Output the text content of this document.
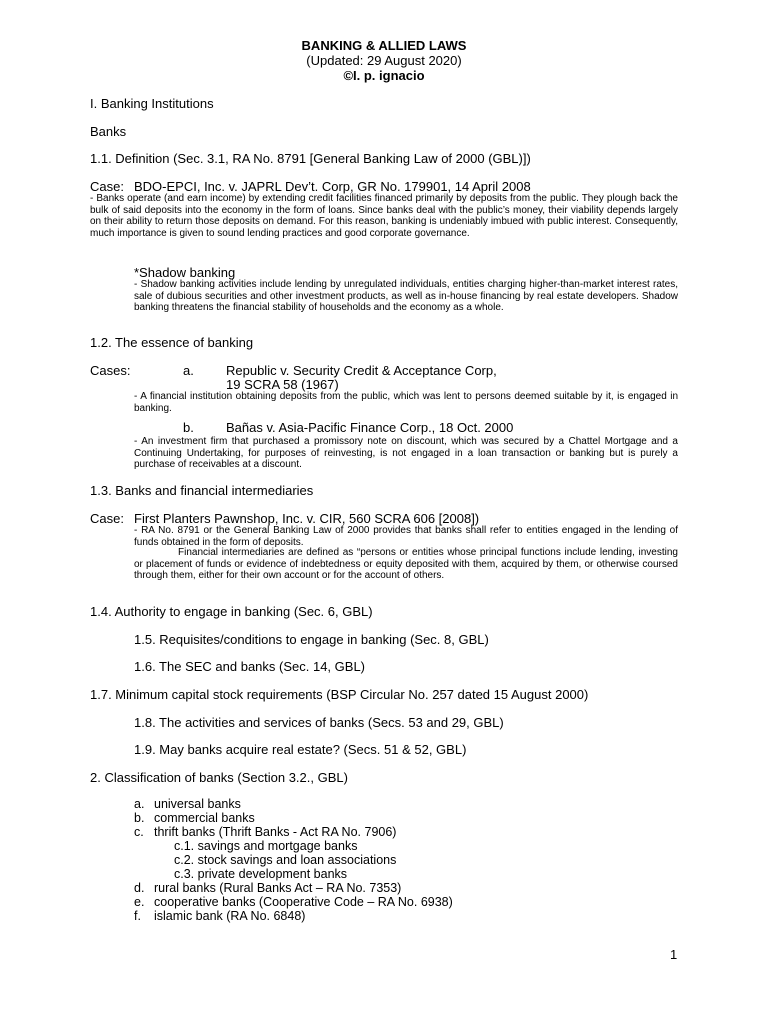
BANKING & ALLIED LAWS
(Updated: 29 August 2020)
©I. p. ignacio
I. Banking Institutions
Banks
1.1. Definition (Sec. 3.1, RA No. 8791 [General Banking Law of 2000 (GBL)])
Case: BDO-EPCI, Inc. v. JAPRL Dev’t. Corp, GR No. 179901, 14 April 2008
- Banks operate (and earn income) by extending credit facilities financed primarily by deposits from the public. They plough back the bulk of said deposits into the economy in the form of loans. Since banks deal with the public’s money, their viability depends largely on their ability to return those deposits on demand. For this reason, banking is undeniably imbued with public interest. Consequently, much importance is given to sound lending practices and good corporate governance.
*Shadow banking
- Shadow banking activities include lending by unregulated individuals, entities charging higher-than-market interest rates, sale of dubious securities and other investment products, as well as in-house financing by real estate developers. Shadow banking threatens the financial stability of households and the economy as a whole.
1.2. The essence of banking
Cases:	a. Republic v. Security Credit & Acceptance Corp,
19 SCRA 58 (1967)
- A financial institution obtaining deposits from the public, which was lent to persons deemed suitable by it, is engaged in banking.
b. Bañas v. Asia-Pacific Finance Corp., 18 Oct. 2000
- An investment firm that purchased a promissory note on discount, which was secured by a Chattel Mortgage and a Continuing Undertaking, for purposes of reinvesting, is not engaged in a loan transaction or banking but is purely a purchase of receivables at a discount.
1.3. Banks and financial intermediaries
Case: First Planters Pawnshop, Inc. v. CIR, 560 SCRA 606 [2008])
- RA No. 8791 or the General Banking Law of 2000 provides that banks shall refer to entities engaged in the lending of funds obtained in the form of deposits.
Financial intermediaries are defined as “persons or entities whose principal functions include lending, investing or placement of funds or evidence of indebtedness or equity deposited with them, acquired by them, or otherwise coursed through them, either for their own account or for the account of others.
1.4. Authority to engage in banking (Sec. 6, GBL)
1.5. Requisites/conditions to engage in banking (Sec. 8, GBL)
1.6. The SEC and banks (Sec. 14, GBL)
1.7. Minimum capital stock requirements (BSP Circular No. 257 dated 15 August 2000)
1.8. The activities and services of banks (Secs. 53 and 29, GBL)
1.9. May banks acquire real estate? (Secs. 51 & 52, GBL)
2. Classification of banks (Section 3.2., GBL)
a. universal banks
b. commercial banks
c. thrift banks (Thrift Banks - Act RA No. 7906)
c.1. savings and mortgage banks
c.2. stock savings and loan associations
c.3. private development banks
d. rural banks (Rural Banks Act – RA No. 7353)
e. cooperative banks (Cooperative Code – RA No. 6938)
f. islamic bank (RA No. 6848)
1
